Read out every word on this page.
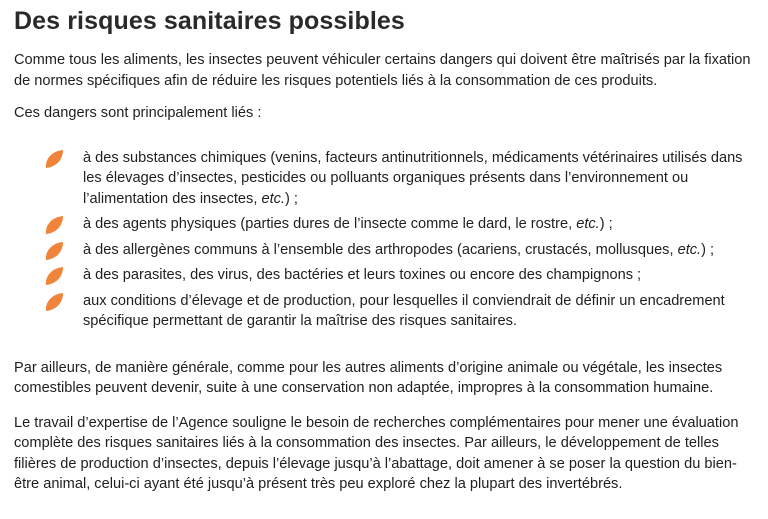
Des risques sanitaires possibles

Comme tous les aliments, les insectes peuvent véhiculer certains dangers qui doivent être maîtrisés par la fixation de normes spécifiques afin de réduire les risques potentiels liés à la consommation de ces produits.

Ces dangers sont principalement liés :

à des substances chimiques (venins, facteurs antinutritionnels, médicaments vétérinaires utilisés dans les élevages d’insectes, pesticides ou polluants organiques présents dans l’environnement ou l’alimentation des insectes, etc.) ;
à des agents physiques (parties dures de l’insecte comme le dard, le rostre, etc.) ;
à des allergènes communs à l’ensemble des arthropodes (acariens, crustacés, mollusques, etc.) ;
à des parasites, des virus, des bactéries et leurs toxines ou encore des champignons ;
aux conditions d’élevage et de production, pour lesquelles il conviendrait de définir un encadrement spécifique permettant de garantir la maîtrise des risques sanitaires.

Par ailleurs, de manière générale, comme pour les autres aliments d’origine animale ou végétale, les insectes comestibles peuvent devenir, suite à une conservation non adaptée, impropres à la consommation humaine.

Le travail d’expertise de l’Agence souligne le besoin de recherches complémentaires pour mener une évaluation complète des risques sanitaires liés à la consommation des insectes. Par ailleurs, le développement de telles filières de production d’insectes, depuis l’élevage jusqu’à l’abattage, doit amener à se poser la question du bien-être animal, celui-ci ayant été jusqu’à présent très peu exploré chez la plupart des invertébrés.
